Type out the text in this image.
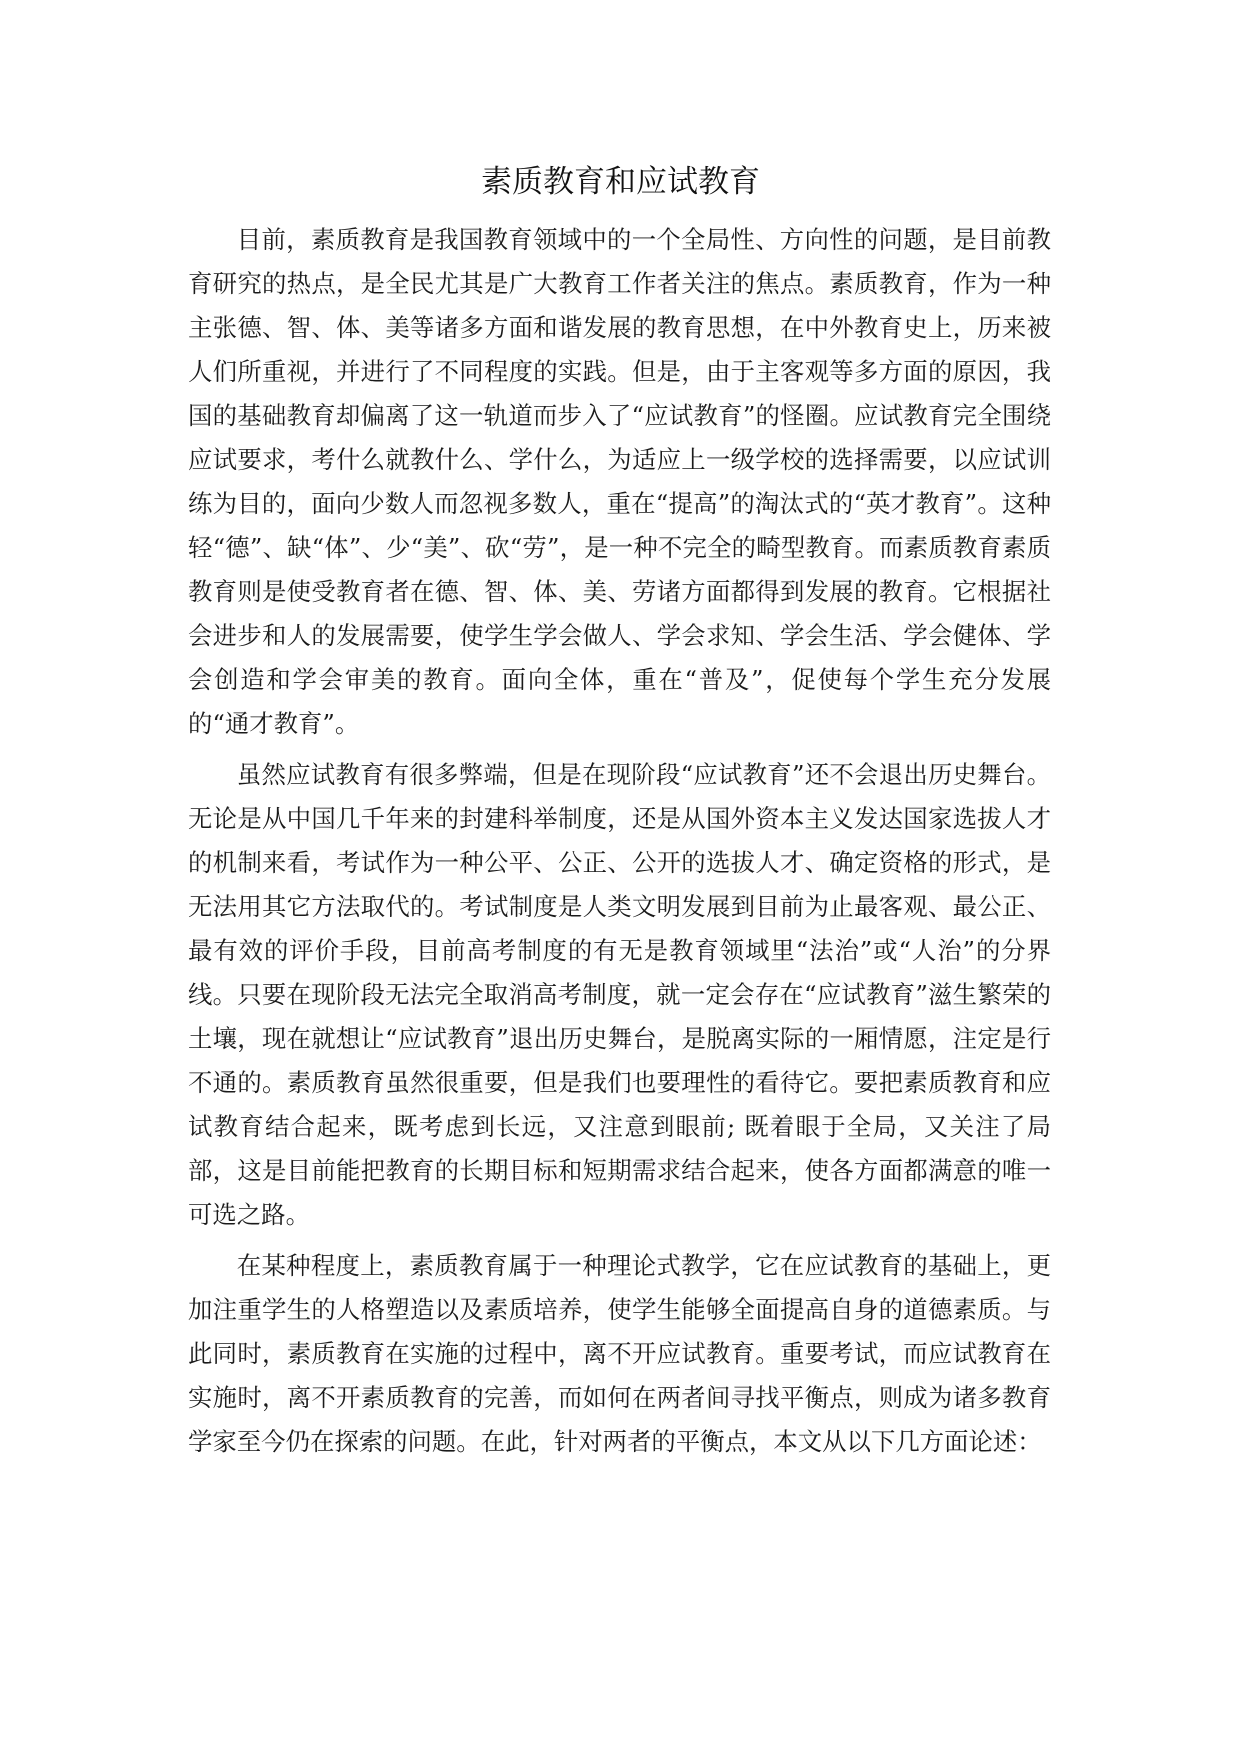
素质教育和应试教育

目前，素质教育是我国教育领域中的一个全局性、方向性的问题，是目前教育研究的热点，是全民尤其是广大教育工作者关注的焦点。素质教育，作为一种主张德、智、体、美等诸多方面和谐发展的教育思想，在中外教育史上，历来被人们所重视，并进行了不同程度的实践。但是，由于主客观等多方面的原因，我国的基础教育却偏离了这一轨道而步入了“应试教育”的怪圈。应试教育完全围绕应试要求，考什么就教什么、学什么，为适应上一级学校的选择需要，以应试训练为目的，面向少数人而忽视多数人，重在“提高”的淘汰式的“英才教育”。这种轻“德”、缺“体”、少“美”、砍“劳”，是一种不完全的畸型教育。而素质教育素质教育则是使受教育者在德、智、体、美、劳诸方面都得到发展的教育。它根据社会进步和人的发展需要，使学生学会做人、学会求知、学会生活、学会健体、学会创造和学会审美的教育。面向全体，重在“普及”，促使每个学生充分发展的“通才教育”。

虽然应试教育有很多弊端，但是在现阶段“应试教育”还不会退出历史舞台。无论是从中国几千年来的封建科举制度，还是从国外资本主义发达国家选拔人才的机制来看，考试作为一种公平、公正、公开的选拔人才、确定资格的形式，是无法用其它方法取代的。考试制度是人类文明发展到目前为止最客观、最公正、最有效的评价手段，目前高考制度的有无是教育领域里“法治”或“人治”的分界线。只要在现阶段无法完全取消高考制度，就一定会存在“应试教育”滋生繁荣的土壤，现在就想让“应试教育”退出历史舞台，是脱离实际的一厢情愿，注定是行不通的。素质教育虽然很重要，但是我们也要理性的看待它。要把素质教育和应试教育结合起来，既考虑到长远，又注意到眼前; 既着眼于全局，又关注了局部，这是目前能把教育的长期目标和短期需求结合起来，使各方面都满意的唯一可选之路。

在某种程度上，素质教育属于一种理论式教学，它在应试教育的基础上，更加注重学生的人格塑造以及素质培养，使学生能够全面提高自身的道德素质。与此同时，素质教育在实施的过程中，离不开应试教育。重要考试，而应试教育在实施时，离不开素质教育的完善，而如何在两者间寻找平衡点，则成为诸多教育学家至今仍在探索的问题。在此，针对两者的平衡点，本文从以下几方面论述：
